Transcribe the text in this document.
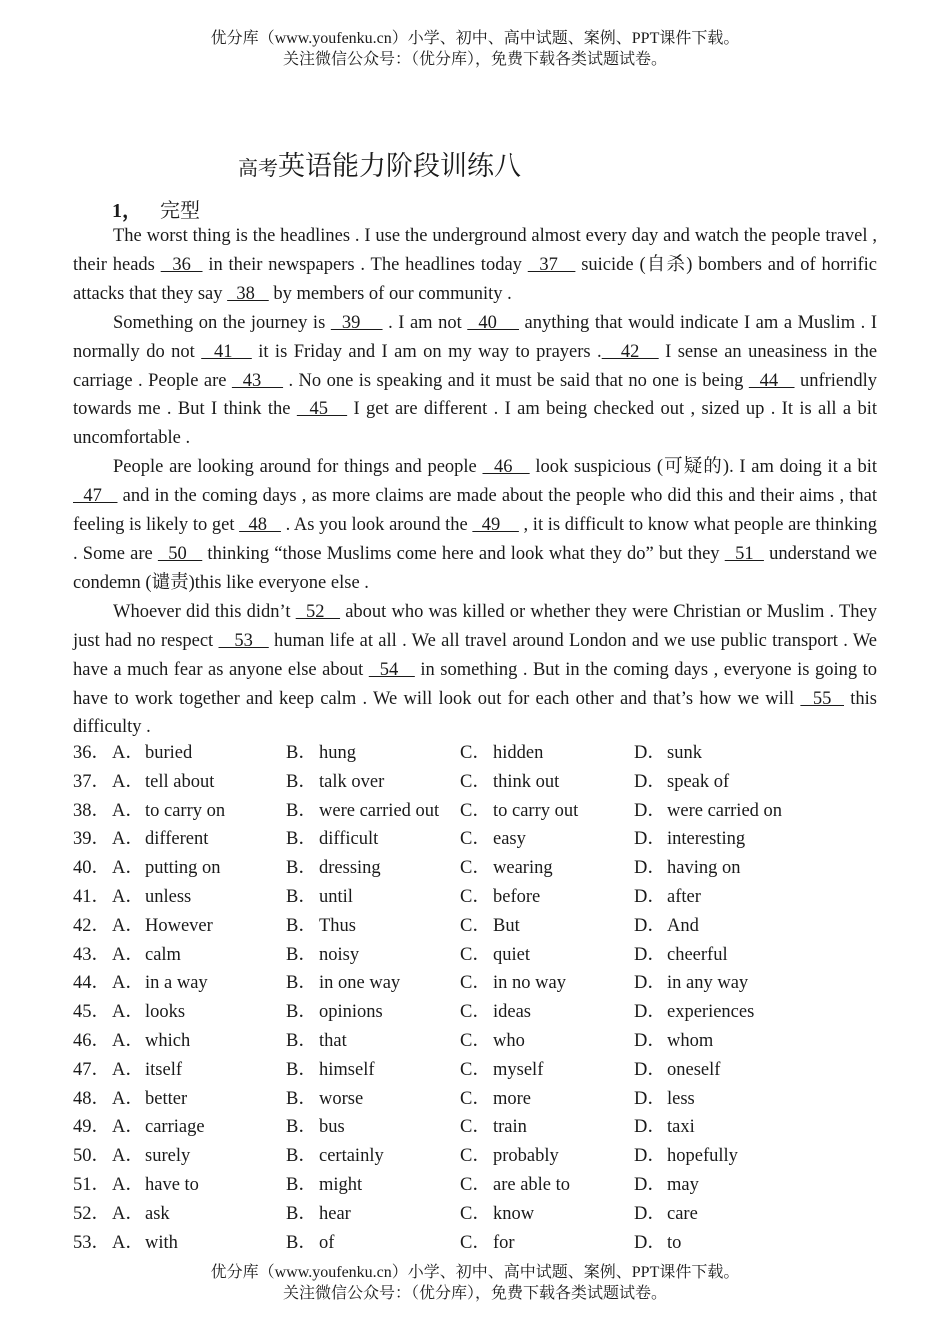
优分库（www.youfenku.cn）小学、初中、高中试题、案例、PPT课件下载。
关注微信公众号：（优分库），免费下载各类试题试卷。
高考英语能力阶段训练八
1， 完型

The worst thing is the headlines . I use the underground almost every day and watch the people travel , their heads   36   in their newspapers . The headlines today   37    suicide (自杀) bombers and of horrific attacks that they say   38    by members of our community .

Something on the journey is   39     . I am not   40     anything that would indicate I am a Muslim . I normally do not   41    it is Friday and I am on my way to prayers .   42    I sense an uneasiness in the carriage . People are   43     . No one is speaking and it must be said that no one is being   44    unfriendly towards me . But I think the   45    I get are different . I am being checked out , sized up . It is all a bit uncomfortable .

People are looking around for things and people   46    look suspicious (可疑的). I am doing it a bit   47    and in the coming days , as more claims are made about the people who did this and their aims , that feeling is likely to get   48    . As you look around the   49     , it is difficult to know what people are thinking . Some are   50    thinking “those Muslims come here and look what they do” but they   51   understand we condemn (谴责)this like everyone else .

Whoever did this didn’t   52    about who was killed or whether they were Christian or Muslim . They just had no respect    53    human life at all . We all travel around London and we use public transport . We have a much fear as anyone else about   54    in something . But in the coming days , everyone is going to have to work together and keep calm . We will look out for each other and that’s how we will   55   this difficulty .

36． A． buried	B． hung	C． hidden	D． sunk
37． A． tell about	B． talk over	C． think out	D． speak of
38． A． to carry on	B． were carried out C． to carry out	D． were carried on
39． A． different	B． difficult	C． easy	D． interesting
40． A． putting on	B． dressing	C． wearing	D． having on
41． A． unless	B． until	C． before	D． after
42． A． However	B． Thus	C． But	D． And
43． A． calm	B． noisy	C． quiet	D． cheerful
44． A． in a way	B． in one way	C． in no way	D． in any way
45． A． looks	B． opinions	C． ideas	D． experiences
46． A． which	B． that	C． who	D． whom
47． A． itself	B． himself	C． myself	D． oneself
48． A． better	B． worse	C． more	D． less
49． A． carriage	B． bus	C． train	D． taxi
50． A． surely	B． certainly	C． probably	D． hopefully
51． A． have to	B． might	C． are able to	D． may
52． A． ask	B． hear	C． know	D． care
53． A． with	B． of	C． for	D． to
优分库（www.youfenku.cn）小学、初中、高中试题、案例、PPT课件下载。
关注微信公众号：（优分库），免费下载各类试题试卷。
